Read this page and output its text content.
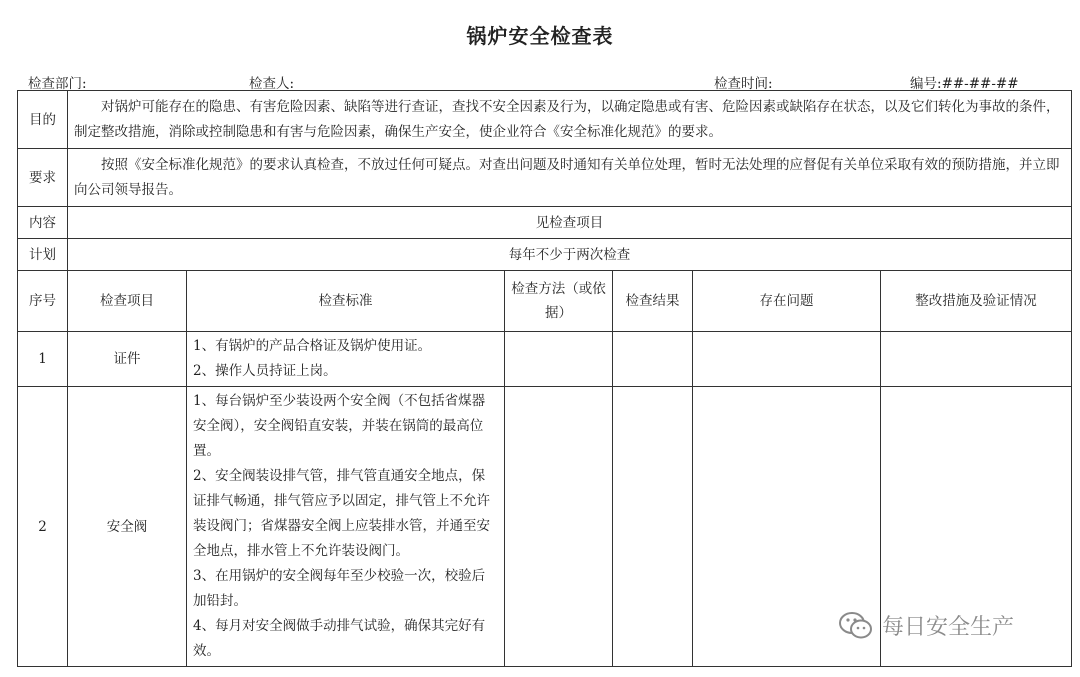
锅炉安全检查表
检查部门:	检查人:	检查时间:	编号:##-##-##
目的	对锅炉可能存在的隐患、有害危险因素、缺陷等进行查证，查找不安全因素及行为，以确定隐患或有害、危险因素或缺陷存在状态，以及它们转化为事故的条件，制定整改措施，消除或控制隐患和有害与危险因素，确保生产安全，使企业符合《安全标准化规范》的要求。					
要求	按照《安全标准化规范》的要求认真检查，不放过任何可疑点。对查出问题及时通知有关单位处理，暂时无法处理的应督促有关单位采取有效的预防措施，并立即向公司领导报告。					
内容	见检查项目					
计划	每年不少于两次检查					
序号	检查项目	检查标准	检查方法（或依据）	检查结果	存在问题	整改措施及验证情况
1	证件	1、有锅炉的产品合格证及锅炉使用证。
2、操作人员持证上岗。				

2	安全阀	1、每台锅炉至少装设两个安全阀（不包括省煤器安全阀），安全阀铅直安装，并装在锅筒的最高位置。
2、安全阀装设排气管，排气管直通安全地点，保证排气畅通，排气管应予以固定，排气管上不允许装设阀门；省煤器安全阀上应装排水管，并通至安全地点，排水管上不允许装设阀门。
3、在用锅炉的安全阀每年至少校验一次，校验后加铅封。
4、每月对安全阀做手动排气试验，确保其完好有效。				

每日安全生产
